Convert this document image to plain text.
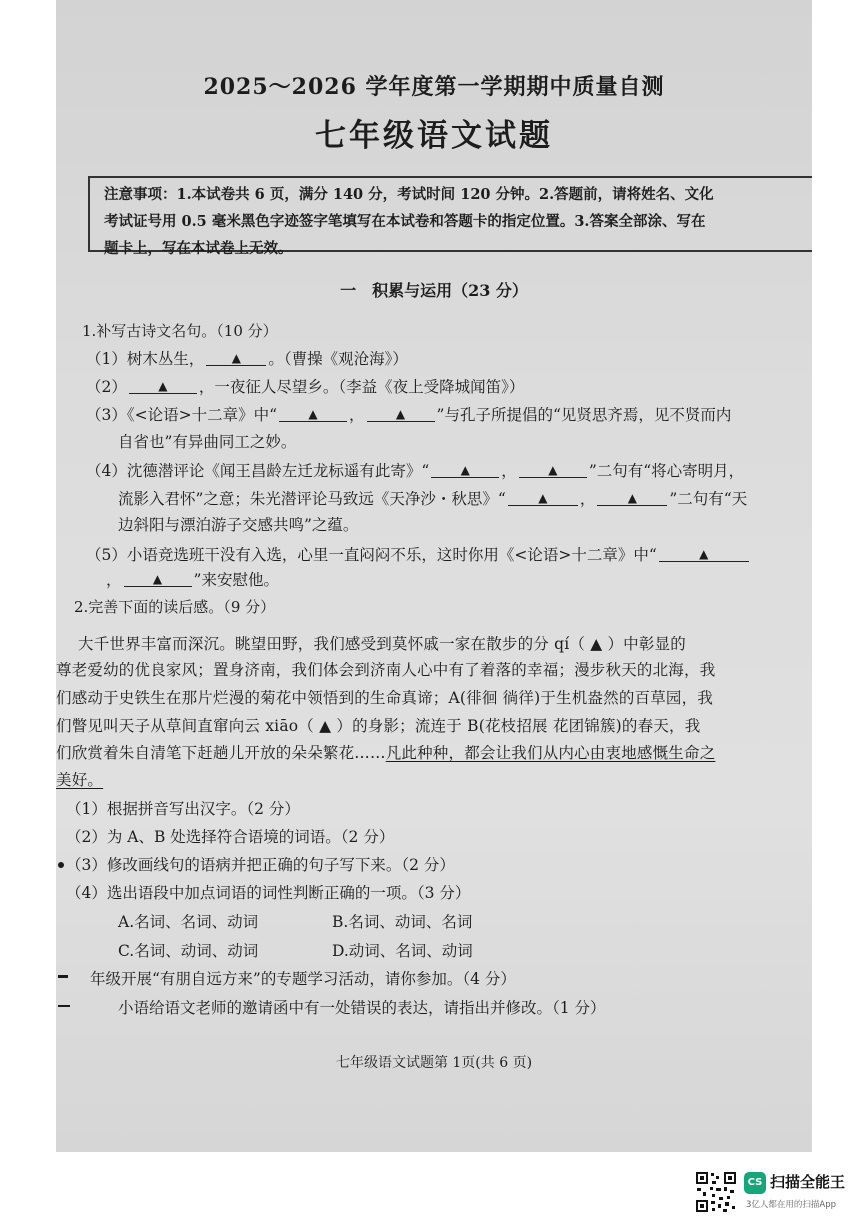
2025～2026 学年度第一学期期中质量自测
七年级语文试题
注意事项：1.本试卷共 6 页，满分 140 分，考试时间 120 分钟。2.答题前，请将姓名、文化
考试证号用 0.5 毫米黑色字迹签字笔填写在本试卷和答题卡的指定位置。3.答案全部涂、写在
题卡上，写在本试卷上无效。
一　积累与运用（23 分）
1.补写古诗文名句。（10 分）
（1）树木丛生， ▲ 。（曹操《观沧海》）
（2）	▲ ，一夜征人尽望乡。（李益《夜上受降城闻笛》）
（3）《<论语>十二章》中“	▲ ，	▲ ”与孔子所提倡的“见贤思齐焉，见不贤而内
自省也”有异曲同工之妙。
（4）沈德潜评论《闻王昌龄左迁龙标遥有此寄》“	▲ ，	▲ ”二句有“将心寄明月，
流影入君怀”之意；朱光潜评论马致远《天净沙・秋思》“	▲ ，	▲ ”二句有“天
边斜阳与漂泊游子交感共鸣”之蕴。
（5）小语竞选班干没有入选，心里一直闷闷不乐，这时你用《<论语>十二章》中“	▲
，	▲ ”来安慰他。
2.完善下面的读后感。（9 分）
大千世界丰富而深沉。眺望田野，我们感受到莫怀戚一家在散步的分 qí（ ▲ ）中彰显的
尊老爱幼的优良家风；置身济南，我们体会到济南人心中有了着落的幸福；漫步秋天的北海，我
们感动于史铁生在那片烂漫的菊花中领悟到的生命真谛；A(徘徊 徜徉)于生机盎然的百草园，我
们瞥见叫天子从草间直窜向云 xiāo（ ▲ ）的身影；流连于 B(花枝招展 花团锦簇)的春天，我
们欣赏着朱自清笔下赶趟儿开放的朵朵繁花……凡此种种，都会让我们从内心由衷地感慨生命之
美好。
（1）根据拼音写出汉字。（2 分）
（2）为 A、B 处选择符合语境的词语。（2 分）
（3）修改画线句的语病并把正确的句子写下来。（2 分）
（4）选出语段中加点词语的词性判断正确的一项。（3 分）
A.名词、名词、动词	B.名词、动词、名词
C.名词、动词、动词	D.动词、名词、动词
年级开展“有朋自远方来”的专题学习活动，请你参加。（4 分）
小语给语文老师的邀请函中有一处错误的表达，请指出并修改。（1 分）
七年级语文试题第 1页(共 6 页)
CS 扫描全能王
3亿人都在用的扫描App
